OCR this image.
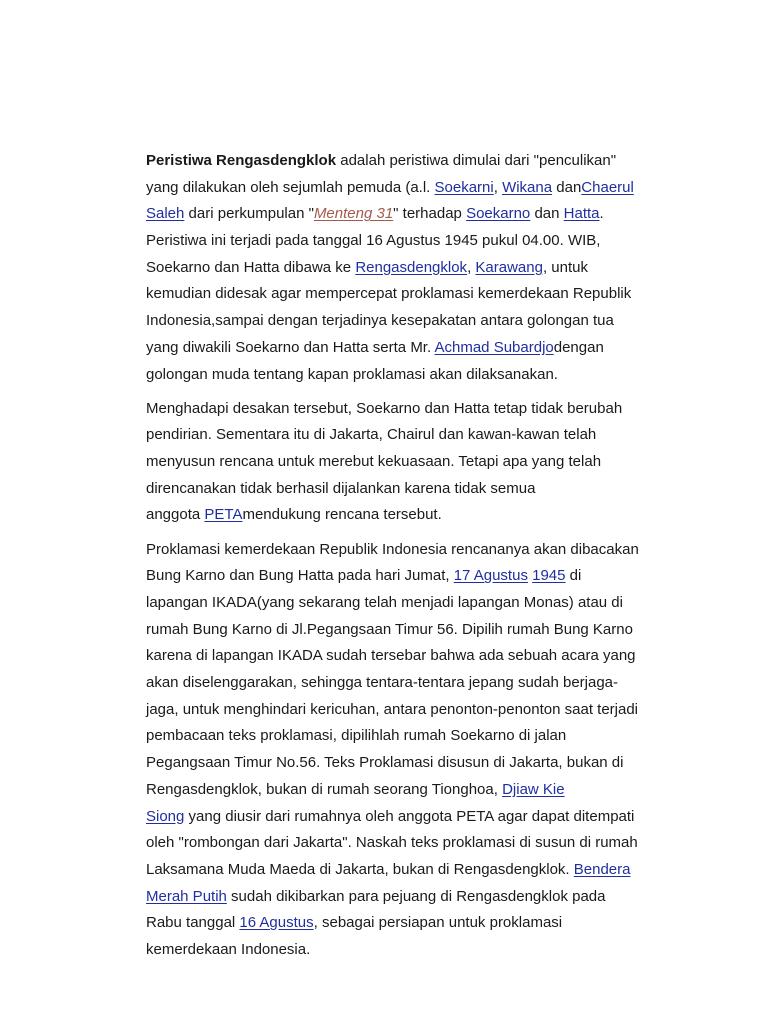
Peristiwa Rengasdengklok adalah peristiwa dimulai dari "penculikan"
yang dilakukan oleh sejumlah pemuda (a.l. Soekarni, Wikana danChaerul
Saleh dari perkumpulan "Menteng 31" terhadap Soekarno dan Hatta.
Peristiwa ini terjadi pada tanggal 16 Agustus 1945 pukul 04.00. WIB,
Soekarno dan Hatta dibawa ke Rengasdengklok, Karawang, untuk
kemudian didesak agar mempercepat proklamasi kemerdekaan Republik
Indonesia,sampai dengan terjadinya kesepakatan antara golongan tua
yang diwakili Soekarno dan Hatta serta Mr. Achmad Subardjodengan
golongan muda tentang kapan proklamasi akan dilaksanakan.
Menghadapi desakan tersebut, Soekarno dan Hatta tetap tidak berubah
pendirian. Sementara itu di Jakarta, Chairul dan kawan-kawan telah
menyusun rencana untuk merebut kekuasaan. Tetapi apa yang telah
direncanakan tidak berhasil dijalankan karena tidak semua
anggota PETAmendukung rencana tersebut.
Proklamasi kemerdekaan Republik Indonesia rencananya akan dibacakan
Bung Karno dan Bung Hatta pada hari Jumat, 17 Agustus 1945 di
lapangan IKADA(yang sekarang telah menjadi lapangan Monas) atau di
rumah Bung Karno di Jl.Pegangsaan Timur 56. Dipilih rumah Bung Karno
karena di lapangan IKADA sudah tersebar bahwa ada sebuah acara yang
akan diselenggarakan, sehingga tentara-tentara jepang sudah berjaga-
jaga, untuk menghindari kericuhan, antara penonton-penonton saat terjadi
pembacaan teks proklamasi, dipilihlah rumah Soekarno di jalan
Pegangsaan Timur No.56. Teks Proklamasi disusun di Jakarta, bukan di
Rengasdengklok, bukan di rumah seorang Tionghoa, Djiaw Kie
Siong yang diusir dari rumahnya oleh anggota PETA agar dapat ditempati
oleh "rombongan dari Jakarta". Naskah teks proklamasi di susun di rumah
Laksamana Muda Maeda di Jakarta, bukan di Rengasdengklok. Bendera
Merah Putih sudah dikibarkan para pejuang di Rengasdengklok pada
Rabu tanggal 16 Agustus, sebagai persiapan untuk proklamasi
kemerdekaan Indonesia.
